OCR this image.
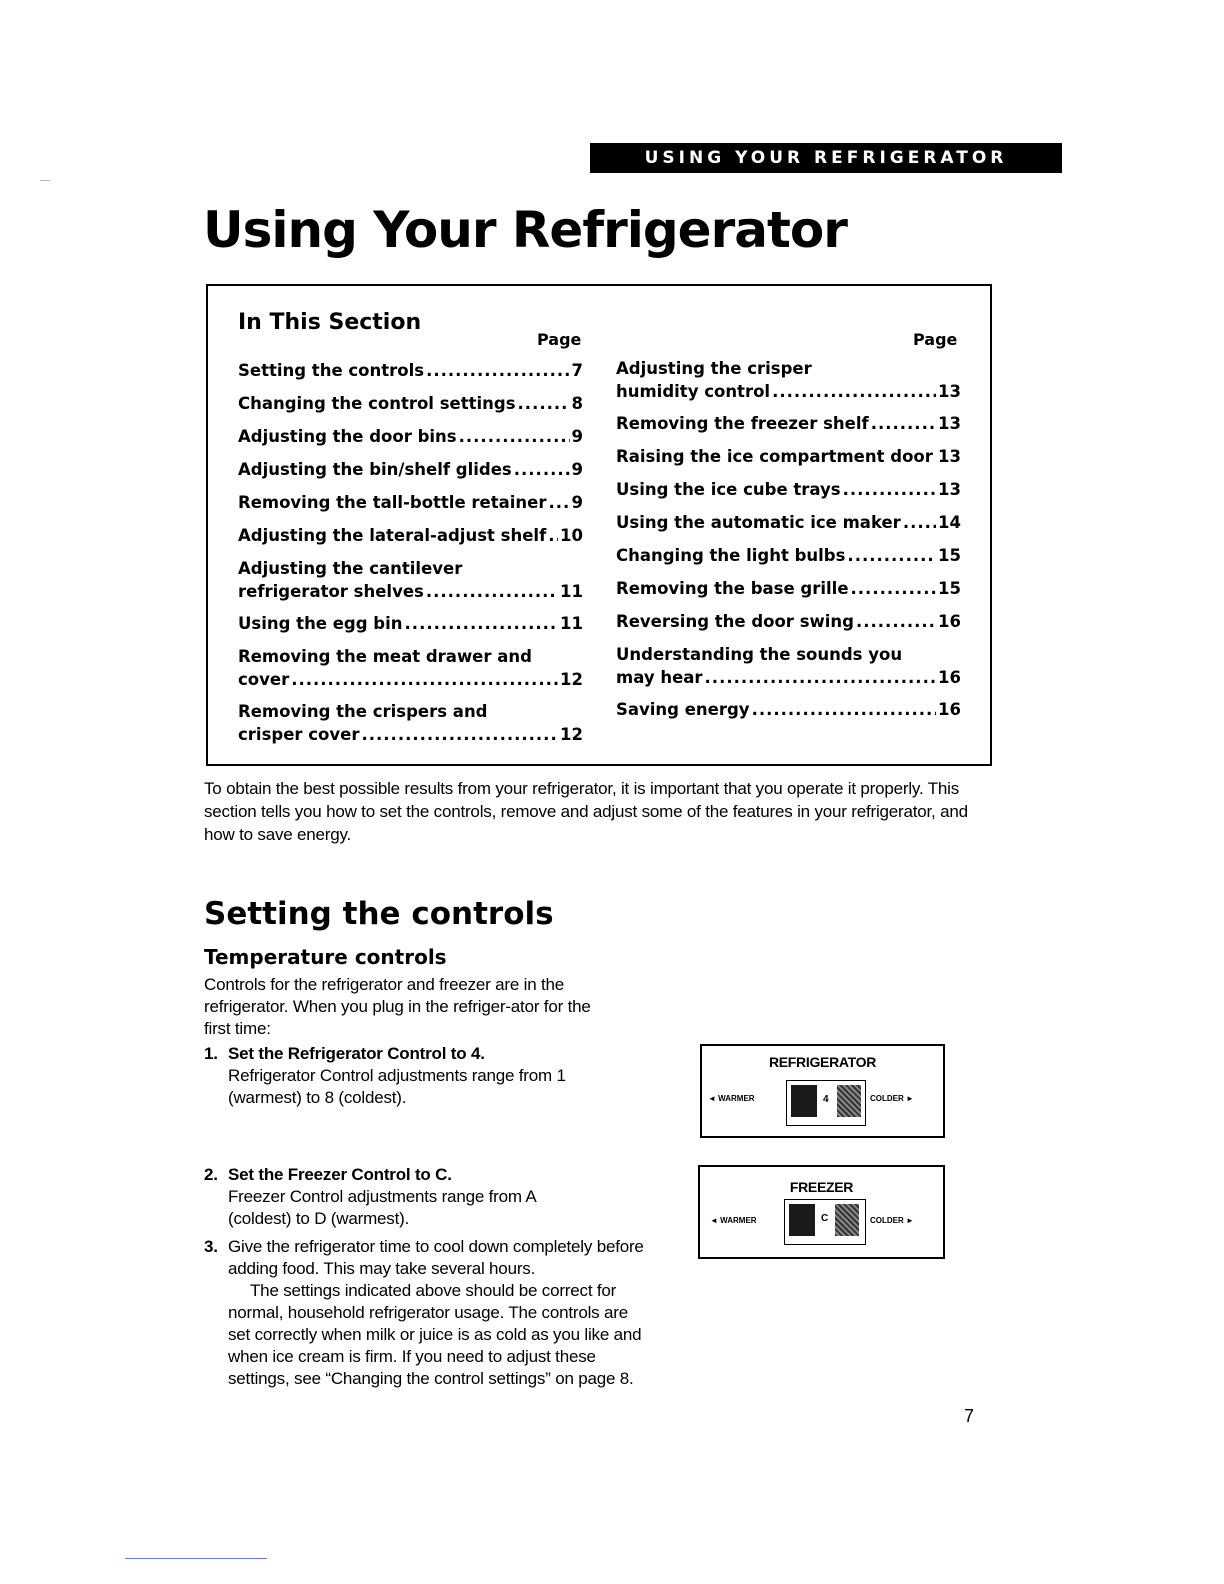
USING YOUR REFRIGERATOR
Using Your Refrigerator
In This Section
Page	Page
Setting the controls .....	7
Changing the control settings .....	8
Adjusting the door bins .....	9
Adjusting the bin/shelf glides .....	9
Removing the tall-bottle retainer ..... 9
Adjusting the lateral-adjust shelf ..... 10
Adjusting the cantilever
refrigerator shelves .....	11
Using the egg bin .....	11
Removing the meat drawer and
cover .....	12
Removing the crispers and
crisper cover .....	12
Adjusting the crisper
humidity control .....	13
Removing the freezer shelf .....	13
Raising the ice compartment door ..... 13
Using the ice cube trays .....	13
Using the automatic ice maker ..... 14
Changing the light bulbs .....	15
Removing the base grille .....	15
Reversing the door swing .....	16
Understanding the sounds you
may hear .....	16
Saving energy .....	16
To obtain the best possible results from your refrigerator, it is important that you operate it properly. This section tells you how to set the controls, remove and adjust some of the features in your refrigerator, and how to save energy.
Setting the controls
Temperature controls
Controls for the refrigerator and freezer are in the refrigerator. When you plug in the refriger-ator for the first time:
1. Set the Refrigerator Control to 4.
Refrigerator Control adjustments range from 1 (warmest) to 8 (coldest).
2. Set the Freezer Control to C.
Freezer Control adjustments range from A (coldest) to D (warmest).
3. Give the refrigerator time to cool down completely before adding food. This may take several hours.
The settings indicated above should be correct for normal, household refrigerator usage. The controls are set correctly when milk or juice is as cold as you like and when ice cream is firm. If you need to adjust these settings, see “Changing the control settings” on page 8.
REFRIGERATOR
◄ WARMER	4	COLDER ►
FREEZER
◄ WARMER	C	COLDER ►
7
